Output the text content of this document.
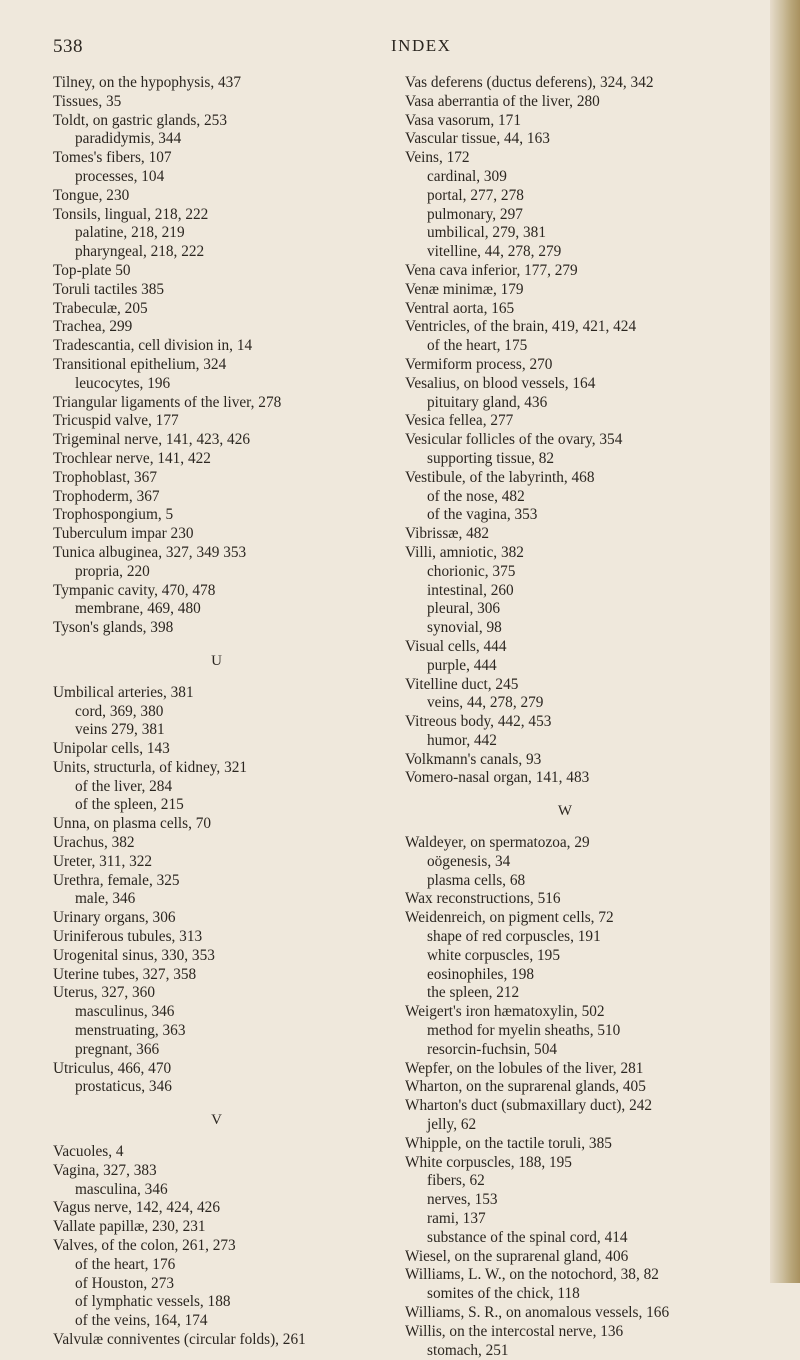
538	INDEX
Tilney, on the hypophysis, 437
Tissues, 35
Toldt, on gastric glands, 253
paradidymis, 344
Tomes's fibers, 107
processes, 104
Tongue, 230
Tonsils, lingual, 218, 222
palatine, 218, 219
pharyngeal, 218, 222
Top-plate 50
Toruli tactiles 385
Trabeculæ, 205
Trachea, 299
Tradescantia, cell division in, 14
Transitional epithelium, 324
leucocytes, 196
Triangular ligaments of the liver, 278
Tricuspid valve, 177
Trigeminal nerve, 141, 423, 426
Trochlear nerve, 141, 422
Trophoblast, 367
Trophoderm, 367
Trophospongium, 5
Tuberculum impar 230
Tunica albuginea, 327, 349 353
propria, 220
Tympanic cavity, 470, 478
membrane, 469, 480
Tyson's glands, 398
U
Umbilical arteries, 381
cord, 369, 380
veins 279, 381
Unipolar cells, 143
Units, structurla, of kidney, 321
of the liver, 284
of the spleen, 215
Unna, on plasma cells, 70
Urachus, 382
Ureter, 311, 322
Urethra, female, 325
male, 346
Urinary organs, 306
Uriniferous tubules, 313
Urogenital sinus, 330, 353
Uterine tubes, 327, 358
Uterus, 327, 360
masculinus, 346
menstruating, 363
pregnant, 366
Utriculus, 466, 470
prostaticus, 346
V
Vacuoles, 4
Vagina, 327, 383
masculina, 346
Vagus nerve, 142, 424, 426
Vallate papillæ, 230, 231
Valves, of the colon, 261, 273
of the heart, 176
of Houston, 273
of lymphatic vessels, 188
of the veins, 164, 174
Valvulæ conniventes (circular folds), 261
Vas deferens (ductus deferens), 324, 342
Vasa aberrantia of the liver, 280
Vasa vasorum, 171
Vascular tissue, 44, 163
Veins, 172
cardinal, 309
portal, 277, 278
pulmonary, 297
umbilical, 279, 381
vitelline, 44, 278, 279
Vena cava inferior, 177, 279
Venæ minimæ, 179
Ventral aorta, 165
Ventricles, of the brain, 419, 421, 424
of the heart, 175
Vermiform process, 270
Vesalius, on blood vessels, 164
pituitary gland, 436
Vesica fellea, 277
Vesicular follicles of the ovary, 354
supporting tissue, 82
Vestibule, of the labyrinth, 468
of the nose, 482
of the vagina, 353
Vibrissæ, 482
Villi, amniotic, 382
chorionic, 375
intestinal, 260
pleural, 306
synovial, 98
Visual cells, 444
purple, 444
Vitelline duct, 245
veins, 44, 278, 279
Vitreous body, 442, 453
humor, 442
Volkmann's canals, 93
Vomero-nasal organ, 141, 483
W
Waldeyer, on spermatozoa, 29
oögenesis, 34
plasma cells, 68
Wax reconstructions, 516
Weidenreich, on pigment cells, 72
shape of red corpuscles, 191
white corpuscles, 195
eosinophiles, 198
the spleen, 212
Weigert's iron hæmatoxylin, 502
method for myelin sheaths, 510
resorcin-fuchsin, 504
Wepfer, on the lobules of the liver, 281
Wharton, on the suprarenal glands, 405
Wharton's duct (submaxillary duct), 242
jelly, 62
Whipple, on the tactile toruli, 385
White corpuscles, 188, 195
fibers, 62
nerves, 153
rami, 137
substance of the spinal cord, 414
Wiesel, on the suprarenal gland, 406
Williams, L. W., on the notochord, 38, 82
somites of the chick, 118
Williams, S. R., on anomalous vessels, 166
Willis, on the intercostal nerve, 136
stomach, 251
